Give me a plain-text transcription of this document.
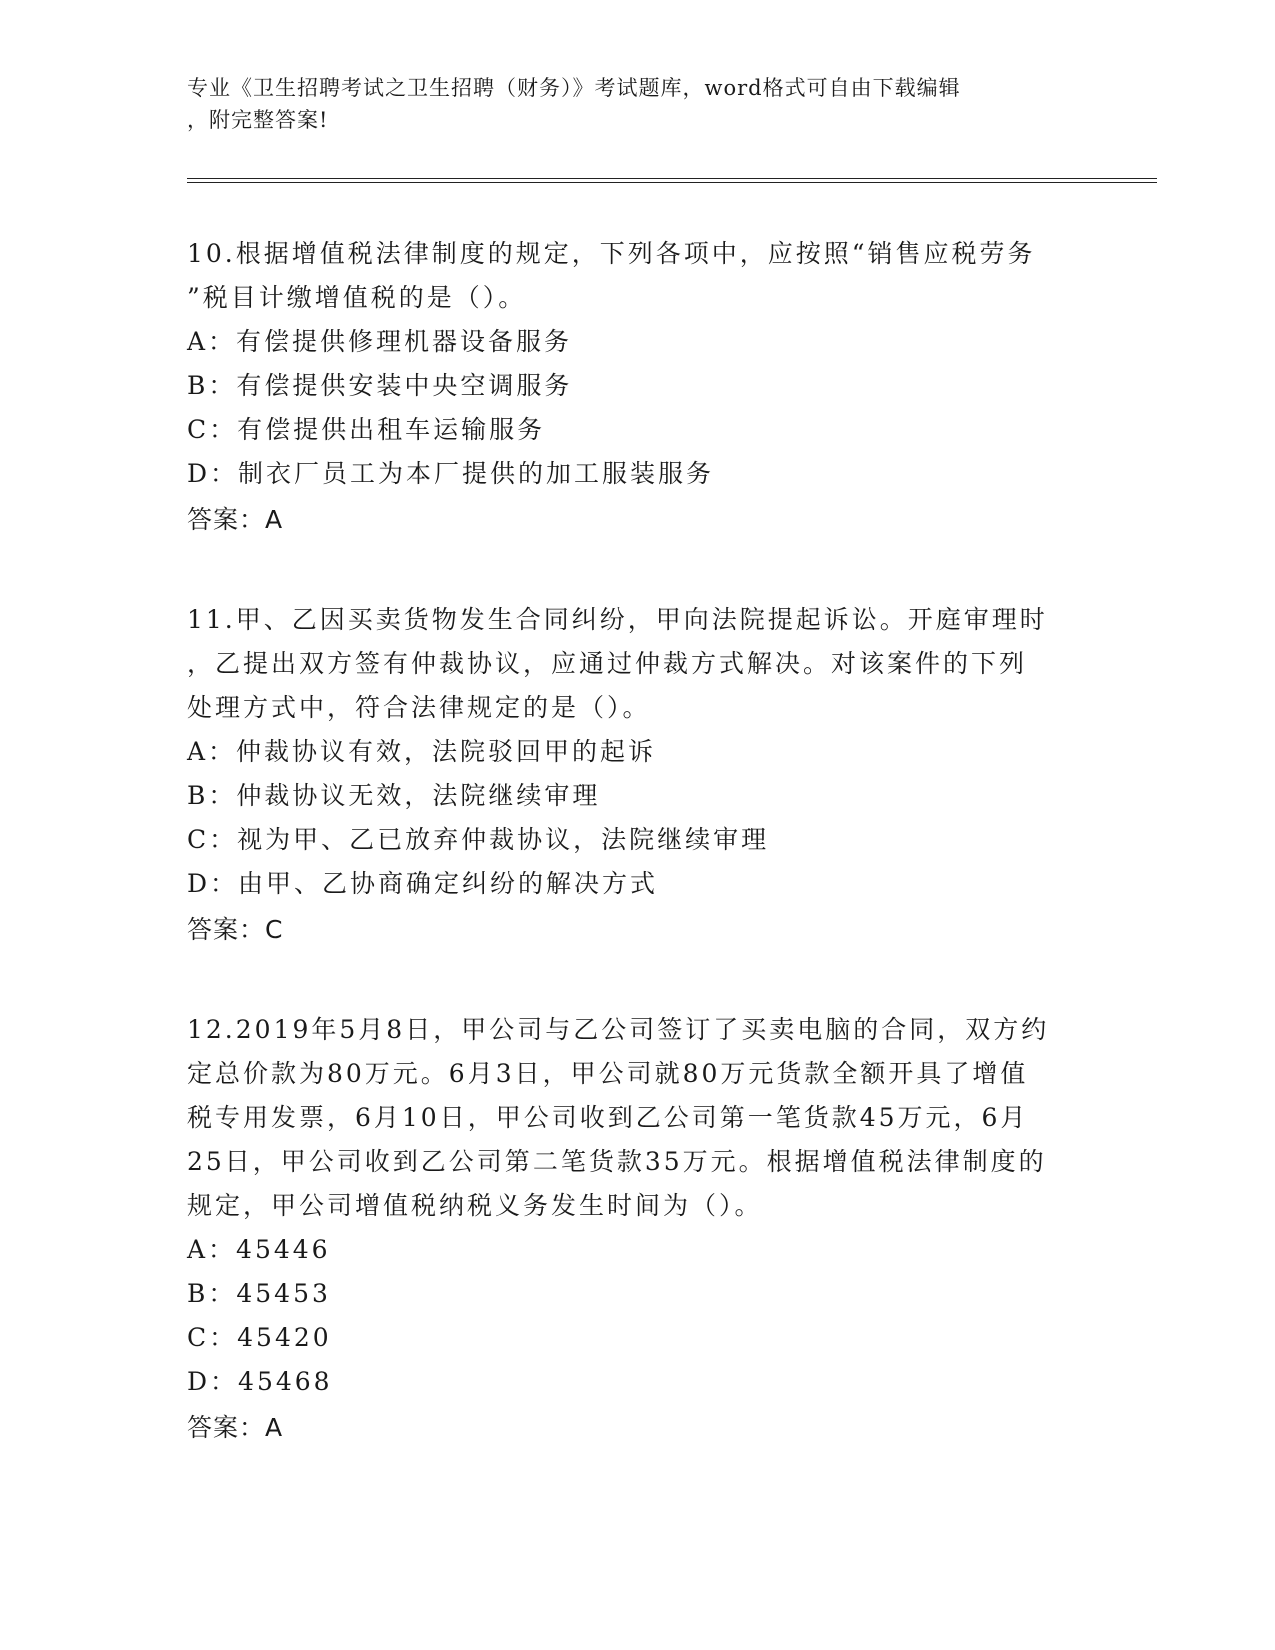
专业《卫生招聘考试之卫生招聘（财务）》考试题库，word格式可自由下载编辑
，附完整答案!

10.根据增值税法律制度的规定，下列各项中，应按照“销售应税劳务

”税目计缴增值税的是（）。

A：有偿提供修理机器设备服务

B：有偿提供安装中央空调服务

C：有偿提供出租车运输服务

D：制衣厂员工为本厂提供的加工服装服务

答案：A

11.甲、乙因买卖货物发生合同纠纷，甲向法院提起诉讼。开庭审理时

，乙提出双方签有仲裁协议，应通过仲裁方式解决。对该案件的下列

处理方式中，符合法律规定的是（）。

A：仲裁协议有效，法院驳回甲的起诉

B：仲裁协议无效，法院继续审理

C：视为甲、乙已放弃仲裁协议，法院继续审理

D：由甲、乙协商确定纠纷的解决方式

答案：C

12.2019年5月8日，甲公司与乙公司签订了买卖电脑的合同，双方约

定总价款为80万元。6月3日，甲公司就80万元货款全额开具了增值

税专用发票，6月10日，甲公司收到乙公司第一笔货款45万元，6月

25日，甲公司收到乙公司第二笔货款35万元。根据增值税法律制度的

规定，甲公司增值税纳税义务发生时间为（）。

A：45446

B：45453

C：45420

D：45468

答案：A
